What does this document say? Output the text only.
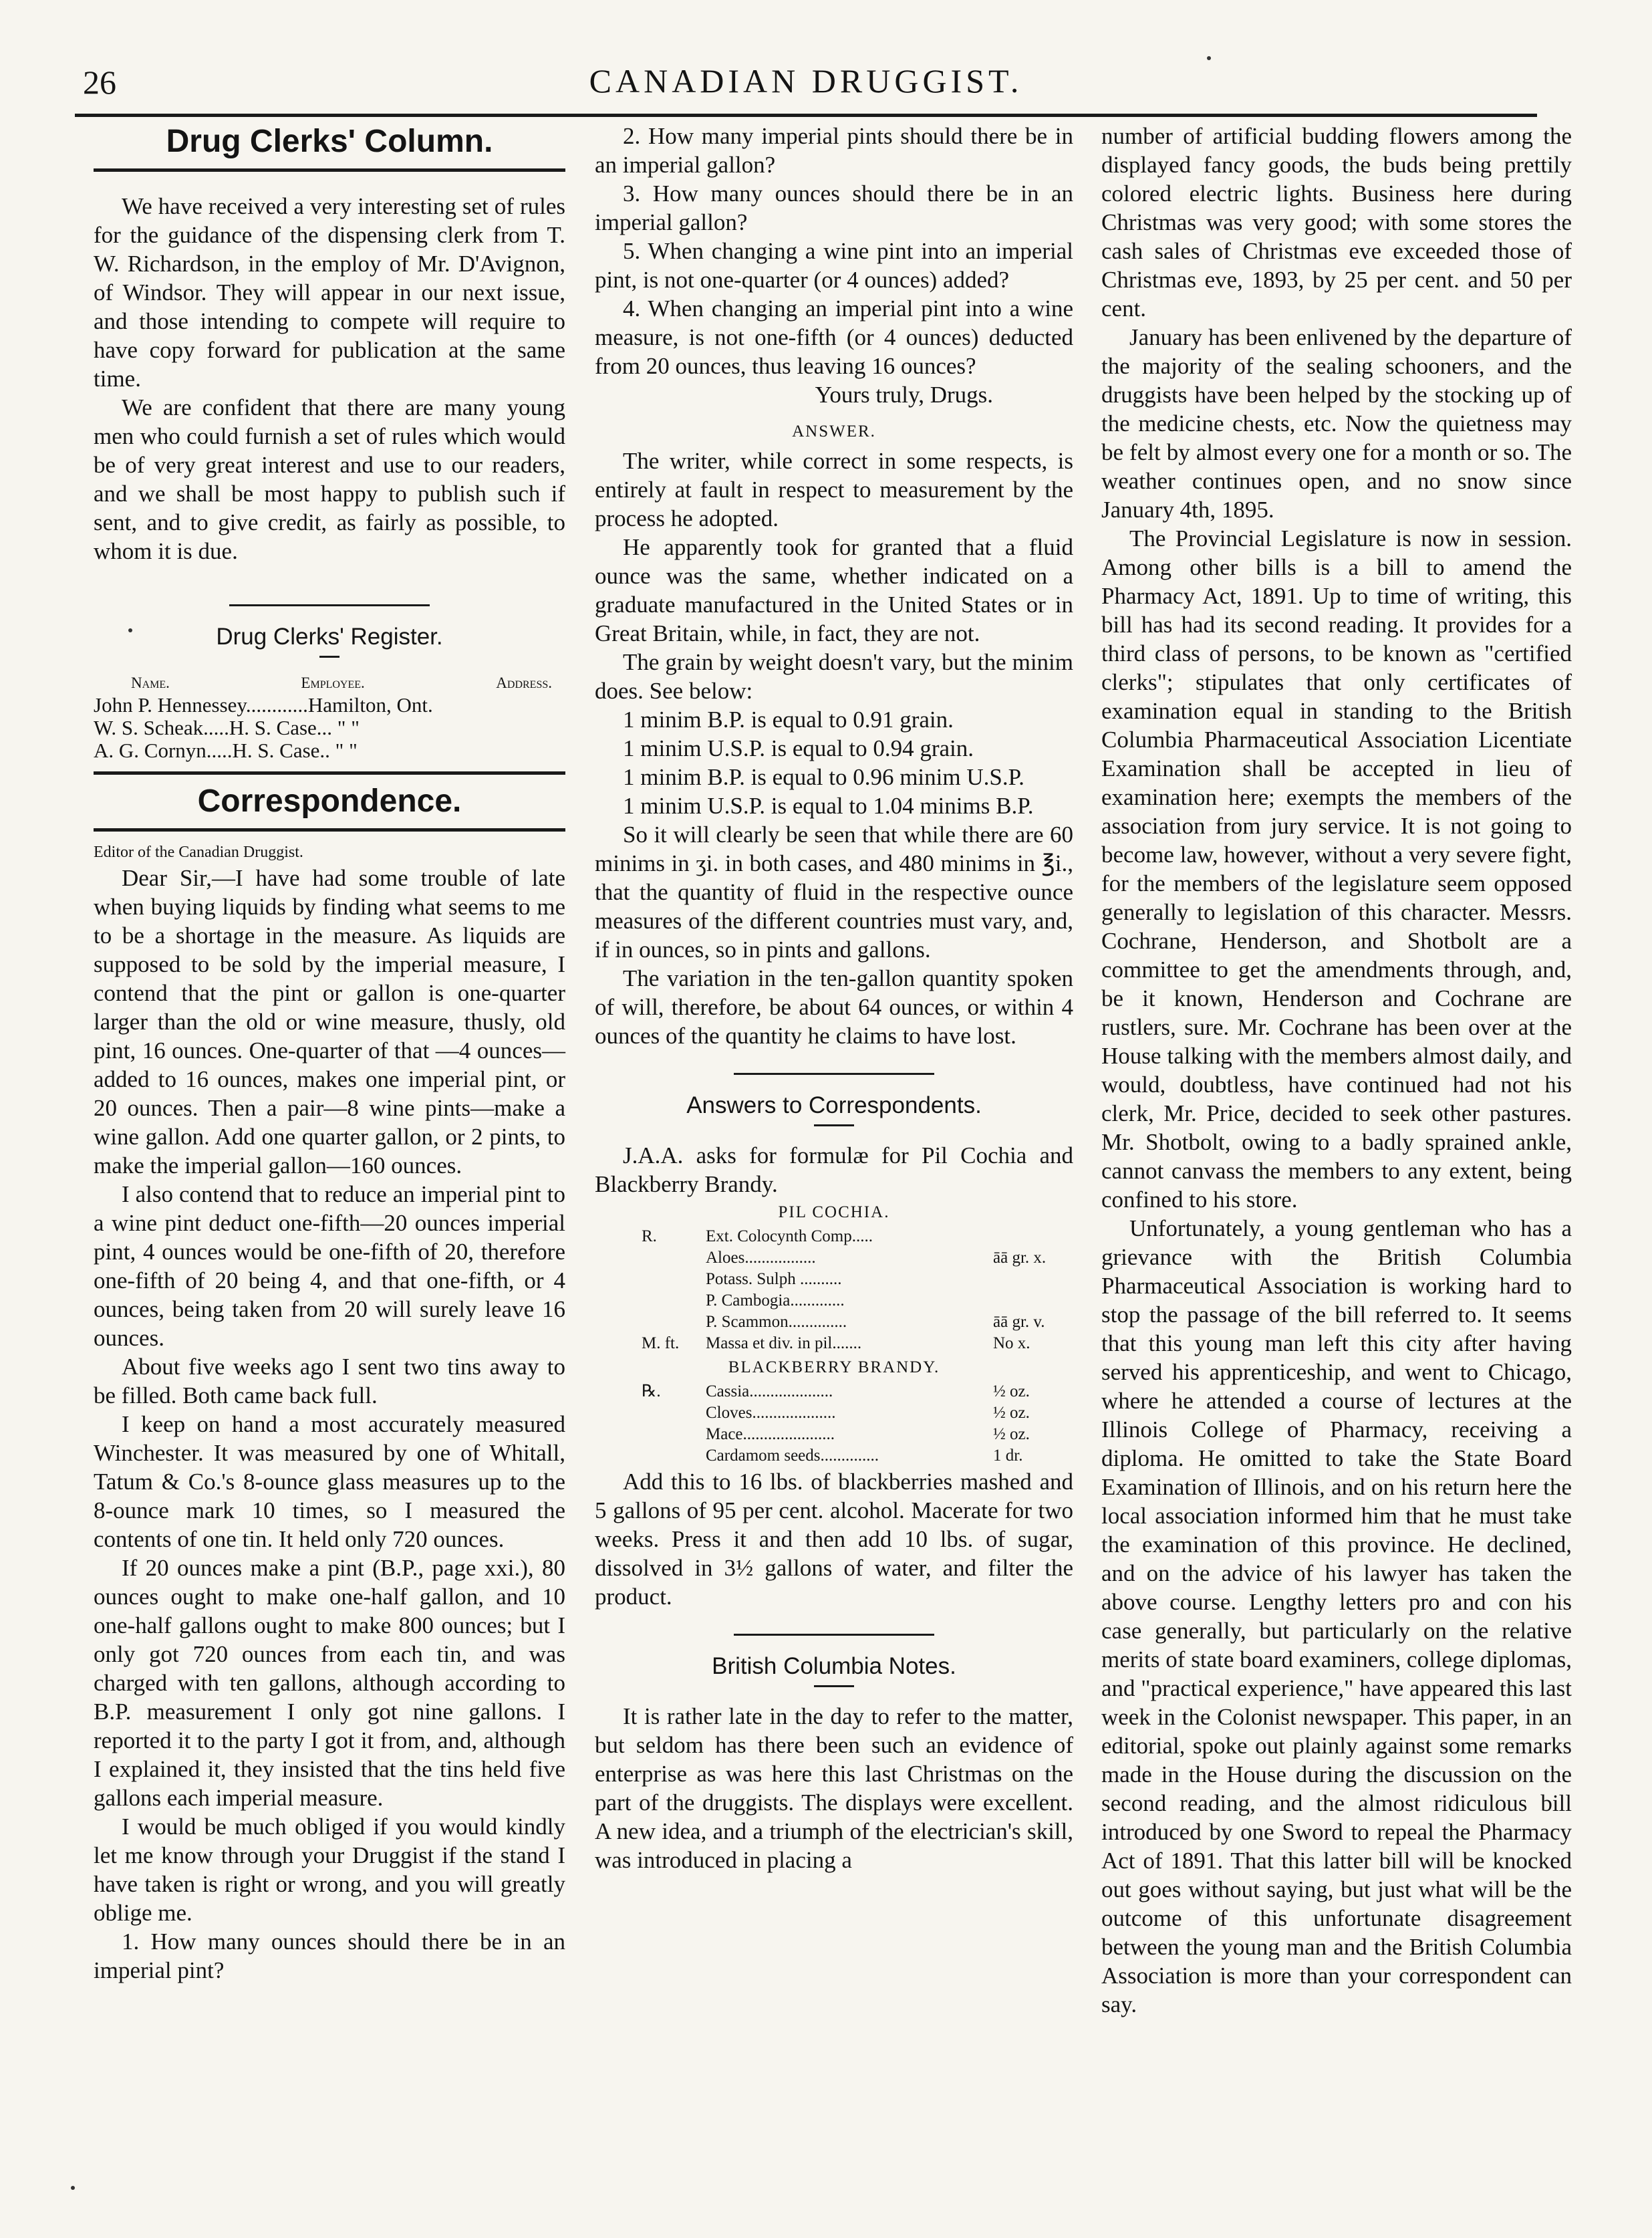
26	CANADIAN DRUGGIST.
Drug Clerks' Column.

We have received a very interesting set of rules for the guidance of the dispensing clerk from T. W. Richardson, in the employ of Mr. D'Avignon, of Windsor. They will appear in our next issue, and those intending to compete will require to have copy forward for publication at the same time.

We are confident that there are many young men who could furnish a set of rules which would be of very great interest and use to our readers, and we shall be most happy to publish such if sent, and to give credit, as fairly as possible, to whom it is due.

Drug Clerks' Register.
Name.	Employee.	Address.
John P. Hennessey............Hamilton, Ont.
W. S. Scheak.....H. S. Case... " "
A. G. Cornyn.....H. S. Case.. " "
Correspondence.

Editor of the Canadian Druggist.

Dear Sir,—I have had some trouble of late when buying liquids by finding what seems to me to be a shortage in the measure. As liquids are supposed to be sold by the imperial measure, I contend that the pint or gallon is one-quarter larger than the old or wine measure, thusly, old pint, 16 ounces. One-quarter of that —4 ounces—added to 16 ounces, makes one imperial pint, or 20 ounces. Then a pair—8 wine pints—make a wine gallon. Add one quarter gallon, or 2 pints, to make the imperial gallon—160 ounces.

I also contend that to reduce an imperial pint to a wine pint deduct one-fifth—20 ounces imperial pint, 4 ounces would be one-fifth of 20, therefore one-fifth of 20 being 4, and that one-fifth, or 4 ounces, being taken from 20 will surely leave 16 ounces.

About five weeks ago I sent two tins away to be filled. Both came back full.

I keep on hand a most accurately measured Winchester. It was measured by one of Whitall, Tatum & Co.'s 8-ounce glass measures up to the 8-ounce mark 10 times, so I measured the contents of one tin. It held only 720 ounces.

If 20 ounces make a pint (B.P., page xxi.), 80 ounces ought to make one-half gallon, and 10 one-half gallons ought to make 800 ounces; but I only got 720 ounces from each tin, and was charged with ten gallons, although according to B.P. measurement I only got nine gallons. I reported it to the party I got it from, and, although I explained it, they insisted that the tins held five gallons each imperial measure.

I would be much obliged if you would kindly let me know through your Druggist if the stand I have taken is right or wrong, and you will greatly oblige me.

1. How many ounces should there be in an imperial pint?

2. How many imperial pints should there be in an imperial gallon?

3. How many ounces should there be in an imperial gallon?

5. When changing a wine pint into an imperial pint, is not one-quarter (or 4 ounces) added?

4. When changing an imperial pint into a wine measure, is not one-fifth (or 4 ounces) deducted from 20 ounces, thus leaving 16 ounces?

Yours truly, Drugs.

ANSWER.

The writer, while correct in some respects, is entirely at fault in respect to measurement by the process he adopted.

He apparently took for granted that a fluid ounce was the same, whether indicated on a graduate manufactured in the United States or in Great Britain, while, in fact, they are not.

The grain by weight doesn't vary, but the minim does. See below:

1 minim B.P. is equal to 0.91 grain.

1 minim U.S.P. is equal to 0.94 grain.

1 minim B.P. is equal to 0.96 minim U.S.P.

1 minim U.S.P. is equal to 1.04 minims B.P.

So it will clearly be seen that while there are 60 minims in ʒi. in both cases, and 480 minims in ℥i., that the quantity of fluid in the respective ounce measures of the different countries must vary, and, if in ounces, so in pints and gallons.

The variation in the ten-gallon quantity spoken of will, therefore, be about 64 ounces, or within 4 ounces of the quantity he claims to have lost.

Answers to Correspondents.

J.A.A. asks for formulæ for Pil Cochia and Blackberry Brandy.

PIL COCHIA.
R.	Ext. Colocynth Comp.....
Aloes.................	āā gr. x.
Potass. Sulph ..........
P. Cambogia.............
P. Scammon..............	āā gr. v.
M. ft.	Massa et div. in pil.......	No x.
BLACKBERRY BRANDY.
℞.	Cassia....................	½ oz.
Cloves....................	½ oz.
Mace......................	½ oz.
Cardamom seeds..............	1 dr.

Add this to 16 lbs. of blackberries mashed and 5 gallons of 95 per cent. alcohol. Macerate for two weeks. Press it and then add 10 lbs. of sugar, dissolved in 3½ gallons of water, and filter the product.

British Columbia Notes.

It is rather late in the day to refer to the matter, but seldom has there been such an evidence of enterprise as was here this last Christmas on the part of the druggists. The displays were excellent. A new idea, and a triumph of the electrician's skill, was introduced in placing a

number of artificial budding flowers among the displayed fancy goods, the buds being prettily colored electric lights. Business here during Christmas was very good; with some stores the cash sales of Christmas eve exceeded those of Christmas eve, 1893, by 25 per cent. and 50 per cent.

January has been enlivened by the departure of the majority of the sealing schooners, and the druggists have been helped by the stocking up of the medicine chests, etc. Now the quietness may be felt by almost every one for a month or so. The weather continues open, and no snow since January 4th, 1895.

The Provincial Legislature is now in session. Among other bills is a bill to amend the Pharmacy Act, 1891. Up to time of writing, this bill has had its second reading. It provides for a third class of persons, to be known as "certified clerks"; stipulates that only certificates of examination equal in standing to the British Columbia Pharmaceutical Association Licentiate Examination shall be accepted in lieu of examination here; exempts the members of the association from jury service. It is not going to become law, however, without a very severe fight, for the members of the legislature seem opposed generally to legislation of this character. Messrs. Cochrane, Henderson, and Shotbolt are a committee to get the amendments through, and, be it known, Henderson and Cochrane are rustlers, sure. Mr. Cochrane has been over at the House talking with the members almost daily, and would, doubtless, have continued had not his clerk, Mr. Price, decided to seek other pastures. Mr. Shotbolt, owing to a badly sprained ankle, cannot canvass the members to any extent, being confined to his store.

Unfortunately, a young gentleman who has a grievance with the British Columbia Pharmaceutical Association is working hard to stop the passage of the bill referred to. It seems that this young man left this city after having served his apprenticeship, and went to Chicago, where he attended a course of lectures at the Illinois College of Pharmacy, receiving a diploma. He omitted to take the State Board Examination of Illinois, and on his return here the local association informed him that he must take the examination of this province. He declined, and on the advice of his lawyer has taken the above course. Lengthy letters pro and con his case generally, but particularly on the relative merits of state board examiners, college diplomas, and "practical experience," have appeared this last week in the Colonist newspaper. This paper, in an editorial, spoke out plainly against some remarks made in the House during the discussion on the second reading, and the almost ridiculous bill introduced by one Sword to repeal the Pharmacy Act of 1891. That this latter bill will be knocked out goes without saying, but just what will be the outcome of this unfortunate disagreement between the young man and the British Columbia Association is more than your correspondent can say.
